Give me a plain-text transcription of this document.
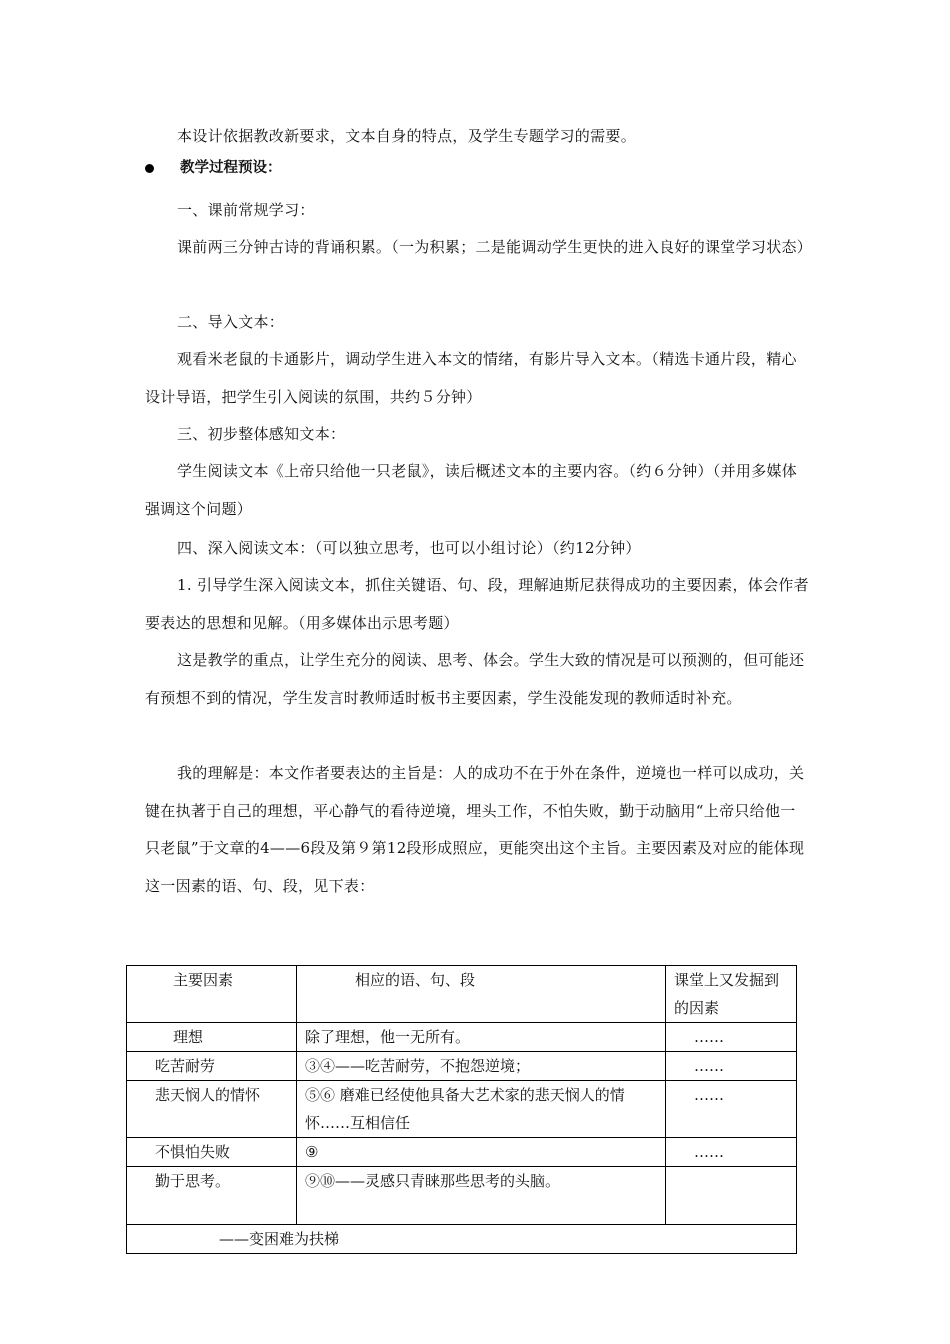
本设计依据教改新要求，文本自身的特点，及学生专题学习的需要。

教学过程预设：

一、课前常规学习：

课前两三分钟古诗的背诵积累。（一为积累；二是能调动学生更快的进入良好的课堂学习状态）

二、导入文本：

观看米老鼠的卡通影片，调动学生进入本文的情绪，有影片导入文本。（精选卡通片段，精心设计导语，把学生引入阅读的氛围，共约５分钟）

三、初步整体感知文本：

学生阅读文本《上帝只给他一只老鼠》，读后概述文本的主要内容。（约６分钟）（并用多媒体强调这个问题）

四、深入阅读文本：（可以独立思考，也可以小组讨论）（约12分钟）

1. 引导学生深入阅读文本，抓住关键语、句、段，理解迪斯尼获得成功的主要因素，体会作者要表达的思想和见解。（用多媒体出示思考题）

这是教学的重点，让学生充分的阅读、思考、体会。学生大致的情况是可以预测的，但可能还有预想不到的情况，学生发言时教师适时板书主要因素，学生没能发现的教师适时补充。

我的理解是：本文作者要表达的主旨是：人的成功不在于外在条件，逆境也一样可以成功，关键在执著于自己的理想，平心静气的看待逆境，埋头工作，不怕失败，勤于动脑用“上帝只给他一只老鼠”于文章的4——6段及第９第12段形成照应，更能突出这个主旨。主要因素及对应的能体现这一因素的语、句、段，见下表：

主要因素	相应的语、句、段	课堂上又发掘到的因素
理想	除了理想，他一无所有。	……
吃苦耐劳	③④——吃苦耐劳，不抱怨逆境；	……
悲天悯人的情怀	⑤⑥ 磨难已经使他具备大艺术家的悲天悯人的情怀……互相信任	……
不惧怕失败	⑨	……
勤于思考。	⑨⑩——灵感只青睐那些思考的头脑。	
——变困难为扶梯		
